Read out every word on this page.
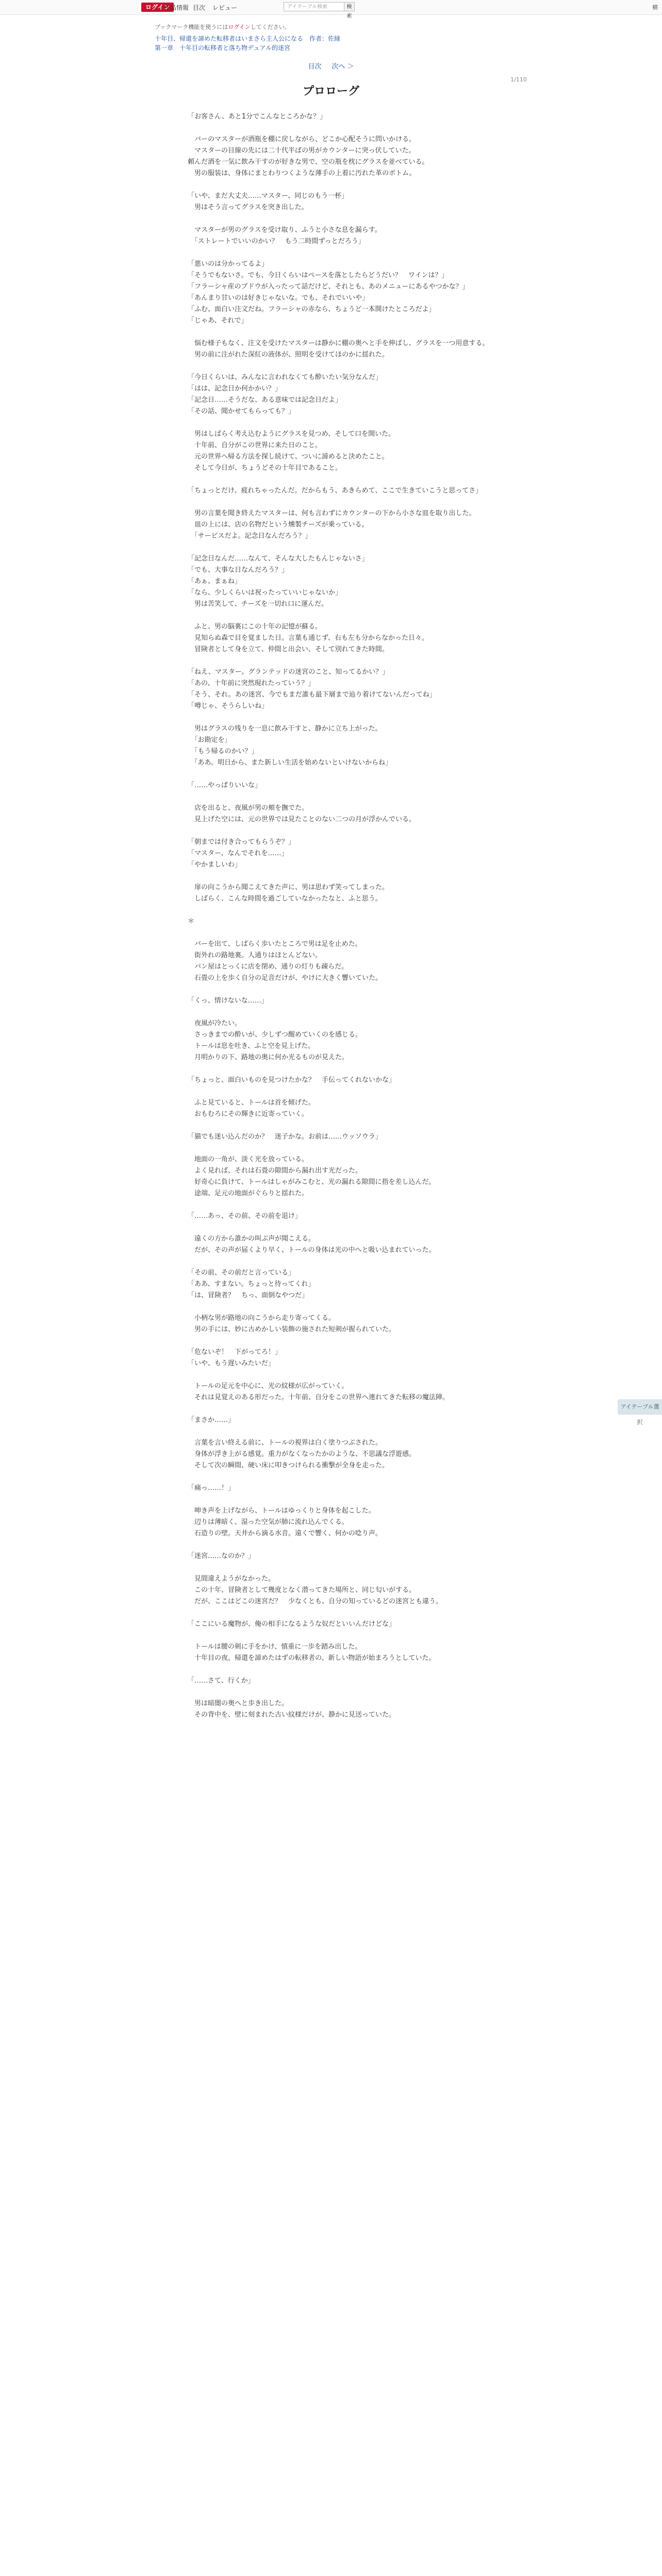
ログイン
作品情報 目次 レビュー	アイテーブル検索	検索
横
ブックマーク機能を使うにはログインしてください。
十年目、帰還を諦めた転移者はいまさら主人公になる　作者：佐縁
第一章　十年目の転移者と落ち物デュアル的迷宮
目次 次へ ＞
1/110
プロローグ

「お客さん、あと1分でこんなところかな？」

　バーのマスターが酒瓶を棚に戻しながら、どこか心配そうに問いかける。
　マスターの目線の先には二十代半ばの男がカウンターに突っ伏していた。
頼んだ酒を一気に飲み干すのが好きな男で、空の瓶を枕にグラスを並べている。
　男の服装は、身体にまとわりつくような薄手の上着に汚れた革のボトム。

「いや、まだ大丈夫……マスター、同じのもう一杯」
　男はそう言ってグラスを突き出した。

　マスターが男のグラスを受け取り、ふうと小さな息を漏らす。
　「ストレートでいいのかい？　もう二時間ずっとだろう」

「悪いのは分かってるよ」
「そうでもないさ。でも、今日くらいはペースを落としたらどうだい？　ワインは？」
「フラーシャ産のブドウが入ったって話だけど、それとも、あのメニューにあるやつかな？」
「あんまり甘いのは好きじゃないな。でも、それでいいや」
「ふむ、面白い注文だね。フラーシャの赤なら、ちょうど一本開けたところだよ」
「じゃあ、それで」

　悩む様子もなく、注文を受けたマスターは静かに棚の奥へと手を伸ばし、グラスを一つ用意する。
　男の前に注がれた深紅の液体が、照明を受けてほのかに揺れた。

「今日くらいは、みんなに言われなくても酔いたい気分なんだ」
「はは、記念日か何かかい？」
「記念日……そうだな、ある意味では記念日だよ」
「その話、聞かせてもらっても？」

　男はしばらく考え込むようにグラスを見つめ、そして口を開いた。
　十年前、自分がこの世界に来た日のこと。
　元の世界へ帰る方法を探し続けて、ついに諦めると決めたこと。
　そして今日が、ちょうどその十年目であること。

「ちょっとだけ、疲れちゃったんだ。だからもう、あきらめて、ここで生きていこうと思ってさ」

　男の言葉を聞き終えたマスターは、何も言わずにカウンターの下から小さな皿を取り出した。
　皿の上には、店の名物だという燻製チーズが乗っている。
　「サービスだよ。記念日なんだろう？」

「記念日なんだ……なんて、そんな大したもんじゃないさ」
「でも、大事な日なんだろう？」
「あぁ、まぁね」
「なら、少しくらいは祝ったっていいじゃないか」
　男は苦笑して、チーズを一切れ口に運んだ。

　ふと、男の脳裏にこの十年の記憶が蘇る。
　見知らぬ森で目を覚ました日。言葉も通じず、右も左も分からなかった日々。
　冒険者として身を立て、仲間と出会い、そして別れてきた時間。

「ねえ、マスター。グランテッドの迷宮のこと、知ってるかい？」
「あの、十年前に突然現れたっていう？」
「そう、それ。あの迷宮、今でもまだ誰も最下層まで辿り着けてないんだってね」
「噂じゃ、そうらしいね」

　男はグラスの残りを一息に飲み干すと、静かに立ち上がった。
　「お勘定を」
　「もう帰るのかい？」
　「ああ。明日から、また新しい生活を始めないといけないからね」

「……やっぱりいいな」

　店を出ると、夜風が男の頬を撫でた。
　見上げた空には、元の世界では見たことのない二つの月が浮かんでいる。

「朝までは付き合ってもらうぞ？」
「マスター、なんでそれを……」
「やかましいわ」

　扉の向こうから聞こえてきた声に、男は思わず笑ってしまった。
　しばらく、こんな時間を過ごしていなかったなと、ふと思う。

＊

　バーを出て、しばらく歩いたところで男は足を止めた。
　街外れの路地裏。人通りはほとんどない。
　パン屋はとっくに店を閉め、通りの灯りも疎らだ。
　石畳の上を歩く自分の足音だけが、やけに大きく響いていた。

「くっ、情けないな……」

　夜風が冷たい。
　さっきまでの酔いが、少しずつ醒めていくのを感じる。
　トールは息を吐き、ふと空を見上げた。
　月明かりの下、路地の奥に何か光るものが見えた。

「ちょっと、面白いものを見つけたかな？　手伝ってくれないかな」

　ふと見ていると、トールは首を傾げた。
　おもむろにその輝きに近寄っていく。

「猫でも迷い込んだのか？　迷子かな。お前は……ウッソウラ」

　地面の一角が、淡く光を放っている。
　よく見れば、それは石畳の隙間から漏れ出す光だった。
　好奇心に負けて、トールはしゃがみこむと、光の漏れる隙間に指を差し込んだ。
　途端、足元の地面がぐらりと揺れた。

「……あっ、その前、その前を退け」

　遠くの方から誰かの叫ぶ声が聞こえる。
　だが、その声が届くより早く、トールの身体は光の中へと吸い込まれていった。

「その前、その前だと言っている」
「ああ、すまない。ちょっと待ってくれ」
「は、冒険者？　ちっ、面倒なやつだ」

　小柄な男が路地の向こうから走り寄ってくる。
　男の手には、妙に古めかしい装飾の施された短剣が握られていた。

「危ないぞ！　下がってろ！」
「いや、もう遅いみたいだ」

　トールの足元を中心に、光の紋様が広がっていく。
　それは見覚えのある形だった。十年前、自分をこの世界へ連れてきた転移の魔法陣。

「まさか……」

　言葉を言い終える前に、トールの視界は白く塗りつぶされた。
　身体が浮き上がる感覚。重力がなくなったかのような、不思議な浮遊感。
　そして次の瞬間、硬い床に叩きつけられる衝撃が全身を走った。

「痛っ……！」

　呻き声を上げながら、トールはゆっくりと身体を起こした。
　辺りは薄暗く、湿った空気が肺に流れ込んでくる。
　石造りの壁。天井から滴る水音。遠くで響く、何かの唸り声。

「迷宮……なのか？」

　見間違えようがなかった。
　この十年、冒険者として幾度となく潜ってきた場所と、同じ匂いがする。
　だが、ここはどこの迷宮だ？　少なくとも、自分の知っているどの迷宮とも違う。

「ここにいる魔物が、俺の相手になるような奴だといいんだけどな」

　トールは腰の剣に手をかけ、慎重に一歩を踏み出した。
　十年目の夜。帰還を諦めたはずの転移者の、新しい物語が始まろうとしていた。

「……さて、行くか」

　男は暗闇の奥へと歩き出した。
　その背中を、壁に刻まれた古い紋様だけが、静かに見送っていた。

アイテーブル選択
